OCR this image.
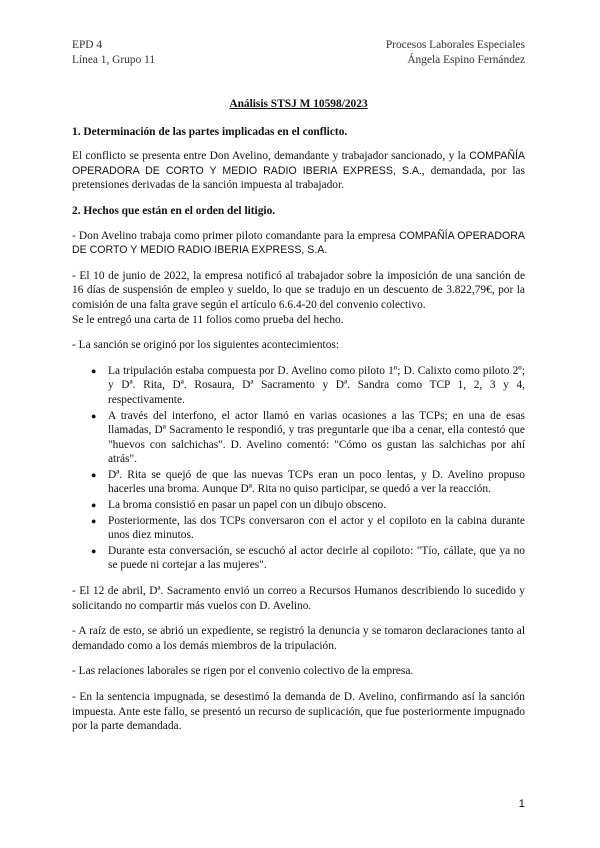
EPD 4
Línea 1, Grupo 11
Procesos Laborales Especiales
Ángela Espino Fernández
Análisis STSJ M 10598/2023
1. Determinación de las partes implicadas en el conflicto.

El conflicto se presenta entre Don Avelino, demandante y trabajador sancionado, y la COMPAÑÍA OPERADORA DE CORTO Y MEDIO RADIO IBERIA EXPRESS, S.A., demandada, por las pretensiones derivadas de la sanción impuesta al trabajador.

2. Hechos que están en el orden del litigio.

- Don Avelino trabaja como primer piloto comandante para la empresa COMPAÑÍA OPERADORA DE CORTO Y MEDIO RADIO IBERIA EXPRESS, S.A.

- El 10 de junio de 2022, la empresa notificó al trabajador sobre la imposición de una sanción de 16 días de suspensión de empleo y sueldo, lo que se tradujo en un descuento de 3.822,79€, por la comisión de una falta grave según el artículo 6.6.4-20 del convenio colectivo.
Se le entregó una carta de 11 folios como prueba del hecho.

- La sanción se originó por los siguientes acontecimientos:

● La tripulación estaba compuesta por D. Avelino como piloto 1º; D. Calixto como piloto 2º; y Dª. Rita, Dª. Rosaura, Dª Sacramento y Dª. Sandra como TCP 1, 2, 3 y 4, respectivamente.
● A través del interfono, el actor llamó en varias ocasiones a las TCPs; en una de esas llamadas, Dª Sacramento le respondió, y tras preguntarle que iba a cenar, ella contestó que "huevos con salchichas". D. Avelino comentó: "Cómo os gustan las salchichas por ahí atrás".
● Dª. Rita se quejó de que las nuevas TCPs eran un poco lentas, y D. Avelino propuso hacerles una broma. Aunque Dª. Rita no quiso participar, se quedó a ver la reacción.
● La broma consistió en pasar un papel con un dibujo obsceno.
● Posteriormente, las dos TCPs conversaron con el actor y el copiloto en la cabina durante unos diez minutos.
● Durante esta conversación, se escuchó al actor decirle al copiloto: "Tío, cállate, que ya no se puede ni cortejar a las mujeres".

- El 12 de abril, Dª. Sacramento envió un correo a Recursos Humanos describiendo lo sucedido y solicitando no compartir más vuelos con D. Avelino.

- A raíz de esto, se abrió un expediente, se registró la denuncia y se tomaron declaraciones tanto al demandado como a los demás miembros de la tripulación.

- Las relaciones laborales se rigen por el convenio colectivo de la empresa.

- En la sentencia impugnada, se desestimó la demanda de D. Avelino, confirmando así la sanción impuesta. Ante este fallo, se presentó un recurso de suplicación, que fue posteriormente impugnado por la parte demandada.

1
